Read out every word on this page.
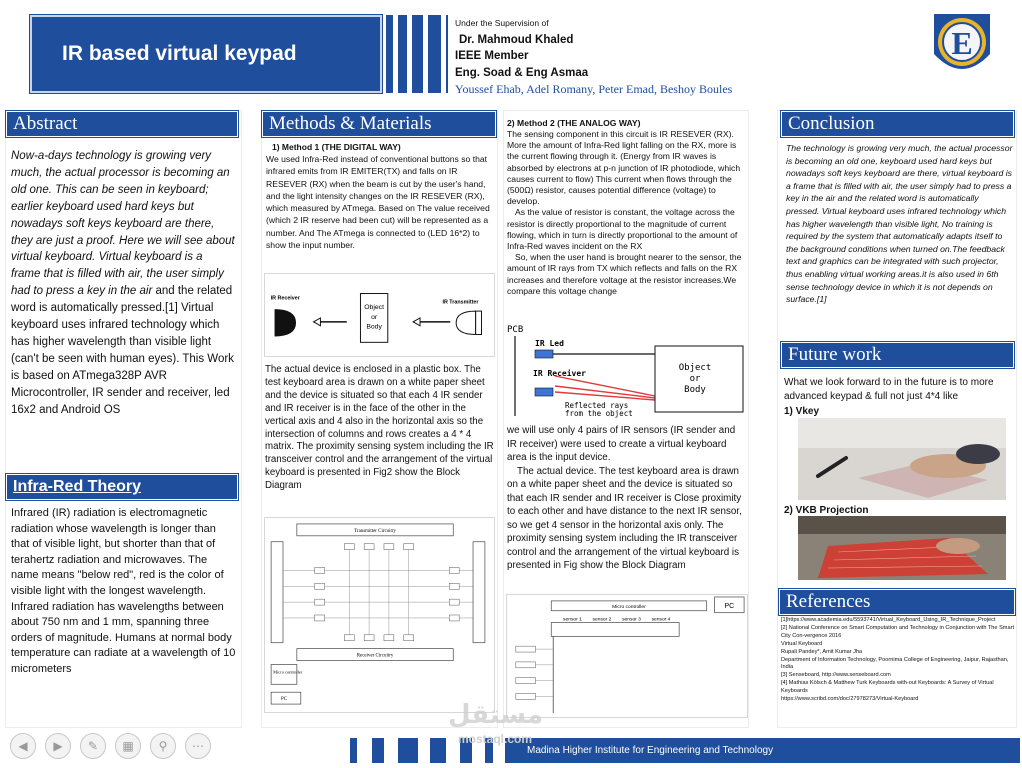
IR based virtual keypad
Under the Supervision of
Dr. Mahmoud Khaled
IEEE Member
Eng. Soad & Eng Asmaa
Youssef Ehab, Adel Romany, Peter Emad, Beshoy Boules
E
Abstract
Now-a-days technology is growing very much, the actual processor is becoming an old one. This can be seen in keyboard; earlier keyboard used hard keys but nowadays soft keys keyboard are there, they are just a proof. Here we will see about virtual keyboard. Virtual keyboard is a frame that is filled with air, the user simply had to press a key in the air and the related word is automatically pressed.[1] Virtual keyboard uses infrared technology which has higher wavelength than visible light (can't be seen with human eyes). This Work is based on ATmega328P AVR Microcontroller, IR sender and receiver, led 16x2 and Android OS
Infra-Red Theory
Infrared (IR) radiation is electromagnetic radiation whose wavelength is longer than that of visible light, but shorter than that of terahertz radiation and microwaves. The name means "below red", red is the color of visible light with the longest wavelength. Infrared radiation has wavelengths between about 750 nm and 1 mm, spanning three orders of magnitude. Humans at normal body temperature can radiate at a wavelength of 10 micrometers
Methods & Materials
1) Method 1 (THE DIGITAL WAY)
We used Infra-Red instead of conventional buttons so that infrared emits from IR EMITER(TX) and falls on IR RESEVER (RX) when the beam is cut by the user's hand, and the light intensity changes on the IR RESEVER (RX), which measured by ATmega. Based on The value received (which 2 IR reserve had been cut) will be represented as a number. And The ATmega is connected to (LED 16*2) to show the input number.
IR Receiver
Object
or
Body
IR Transmitter
The actual device is enclosed in a plastic box. The test keyboard area is drawn on a white paper sheet and the device is situated so that each 4 IR sender and IR receiver is in the face of the other in the vertical axis and 4 also in the horizontal axis so the intersection of columns and rows creates a 4 * 4 matrix. The proximity sensing system including the IR transceiver control and the arrangement of the virtual keyboard is presented in Fig2 show the Block Diagram
Transmitter Circuitry
Receiver Circuitry
Micro controller
PC
2) Method 2 (THE ANALOG WAY)
The sensing component in this circuit is IR RESEVER (RX). More the amount of Infra-Red light falling on the RX, more is the current flowing through it. (Energy from IR waves is absorbed by electrons at p-n junction of IR photodiode, which causes current to flow) This current when flows through the (500Ω) resistor, causes potential difference (voltage) to develop.
As the value of resistor is constant, the voltage across the resistor is directly proportional to the magnitude of current flowing, which in turn is directly proportional to the amount of Infra-Red waves incident on the RX
So, when the user hand is brought nearer to the sensor, the amount of IR rays from TX which reflects and falls on the RX increases and therefore voltage at the resistor increases.We compare this voltage change
PCB
IR Led
IR Receiver
Reflected rays
from the object
Object
or
Body
we will use only 4 pairs of IR sensors (IR sender and IR receiver) were used to create a virtual keyboard area is the input device.
The actual device. The test keyboard area is drawn on a white paper sheet and the device is situated so that each IR sender and IR receiver is Close proximity to each other and have distance to the next IR sensor, so we get 4 sensor in the horizontal axis only. The proximity sensing system including the IR transceiver control and the arrangement of the virtual keyboard is presented in Fig show the Block Diagram
Micro controller	PC
sensor 1 sensor 2 sensor 3 sensor 4
Conclusion
The technology is growing very much, the actual processor is becoming an old one, keyboard used hard keys but nowadays soft keys keyboard are there, virtual keyboard is a frame that is filled with air, the user simply had to press a key in the air and the related word is automatically pressed. Virtual keyboard uses infrared technology which has higher wavelength than visible light, No training is required by the system that automatically adapts itself to the background conditions when turned on.The feedback text and graphics can be integrated with such projector, thus enabling virtual working areas.it is also used in 6th sense technology device in which it is not depends on surface.[1]
Future work
What we look forward to in the future is to more advanced keypad & full not just 4*4 like
1) Vkey
2) VKB Projection
References
[1]https://www.academia.edu/5593741/Virtual_Keyboard_Using_IR_Technique_Project
[2] National Conference on Smart Computation and Technology in Conjunction with The Smart City Con-vergence 2016
Virtual Keyboard
Rupali Pandey*, Amit Kumar Jha
Department of Information Technology, Poornima College of Engineering, Jaipur, Rajasthan, India
[3] Senseboard, http://www.senseboard.com
[4] Mathias Kölsch & Matthew Turk Keyboards with-out Keyboards: A Survey of Virtual Keyboards
https://www.scribd.com/doc/27978273/Virtual-Keyboard
Madina Higher Institute for Engineering and Technology
مستقل
mostaql.com
◀	▶	✎	▦	⚲	⋯
